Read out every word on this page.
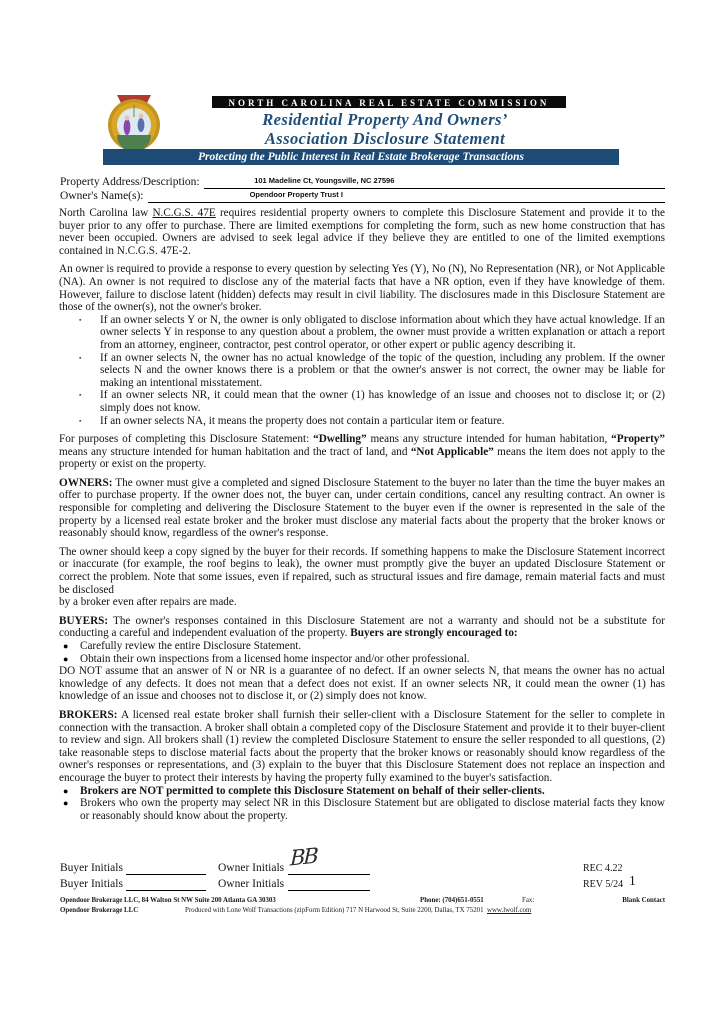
NORTH CAROLINA REAL ESTATE COMMISSION
Residential Property And Owners’
Association Disclosure Statement
Protecting the Public Interest in Real Estate Brokerage Transactions
Property Address/Description:	101 Madeline Ct, Youngsville, NC 27596
Owner's Name(s):	Opendoor Property Trust I

North Carolina law N.C.G.S. 47E requires residential property owners to complete this Disclosure Statement and provide it to the buyer prior to any offer to purchase. There are limited exemptions for completing the form, such as new home construction that has never been occupied. Owners are advised to seek legal advice if they believe they are entitled to one of the limited exemptions contained in N.C.G.S. 47E-2.

An owner is required to provide a response to every question by selecting Yes (Y), No (N), No Representation (NR), or Not Applicable (NA). An owner is not required to disclose any of the material facts that have a NR option, even if they have knowledge of them. However, failure to disclose latent (hidden) defects may result in civil liability. The disclosures made in this Disclosure Statement are those of the owner(s), not the owner's broker.

▪ If an owner selects Y or N, the owner is only obligated to disclose information about which they have actual knowledge. If an owner selects Y in response to any question about a problem, the owner must provide a written explanation or attach a report from an attorney, engineer, contractor, pest control operator, or other expert or public agency describing it.
▪ If an owner selects N, the owner has no actual knowledge of the topic of the question, including any problem. If the owner selects N and the owner knows there is a problem or that the owner's answer is not correct, the owner may be liable for making an intentional misstatement.
▪ If an owner selects NR, it could mean that the owner (1) has knowledge of an issue and chooses not to disclose it; or (2) simply does not know.
▪ If an owner selects NA, it means the property does not contain a particular item or feature.

For purposes of completing this Disclosure Statement: “Dwelling” means any structure intended for human habitation, “Property” means any structure intended for human habitation and the tract of land, and “Not Applicable” means the item does not apply to the property or exist on the property.

OWNERS: The owner must give a completed and signed Disclosure Statement to the buyer no later than the time the buyer makes an offer to purchase property. If the owner does not, the buyer can, under certain conditions, cancel any resulting contract. An owner is responsible for completing and delivering the Disclosure Statement to the buyer even if the owner is represented in the sale of the property by a licensed real estate broker and the broker must disclose any material facts about the property that the broker knows or reasonably should know, regardless of the owner's response.

The owner should keep a copy signed by the buyer for their records. If something happens to make the Disclosure Statement incorrect or inaccurate (for example, the roof begins to leak), the owner must promptly give the buyer an updated Disclosure Statement or correct the problem. Note that some issues, even if repaired, such as structural issues and fire damage, remain material facts and must be disclosed
by a broker even after repairs are made.

BUYERS: The owner's responses contained in this Disclosure Statement are not a warranty and should not be a substitute for conducting a careful and independent evaluation of the property. Buyers are strongly encouraged to:

● Carefully review the entire Disclosure Statement.
● Obtain their own inspections from a licensed home inspector and/or other professional.

DO NOT assume that an answer of N or NR is a guarantee of no defect. If an owner selects N, that means the owner has no actual knowledge of any defects. It does not mean that a defect does not exist. If an owner selects NR, it could mean the owner (1) has knowledge of an issue and chooses not to disclose it, or (2) simply does not know.

BROKERS: A licensed real estate broker shall furnish their seller-client with a Disclosure Statement for the seller to complete in connection with the transaction. A broker shall obtain a completed copy of the Disclosure Statement and provide it to their buyer-client to review and sign. All brokers shall (1) review the completed Disclosure Statement to ensure the seller responded to all questions, (2) take reasonable steps to disclose material facts about the property that the broker knows or reasonably should know regardless of the owner's responses or representations, and (3) explain to the buyer that this Disclosure Statement does not replace an inspection and encourage the buyer to protect their interests by having the property fully examined to the buyer's satisfaction.

● Brokers are NOT permitted to complete this Disclosure Statement on behalf of their seller-clients.
● Brokers who own the property may select NR in this Disclosure Statement but are obligated to disclose material facts they know or reasonably should know about the property.
Buyer Initials	Owner Initials BB	REC 4.22
Buyer Initials	Owner Initials	REV 5/24 1
Opendoor Brokerage LLC, 84 Walton St NW Suite 200 Atlanta GA 30303	Phone: (704)651-0551	Fax:	Blank Contact
Opendoor Brokerage LLC	Produced with Lone Wolf Transactions (zipForm Edition) 717 N Harwood St, Suite 2200, Dallas, TX 75201 www.lwolf.com
